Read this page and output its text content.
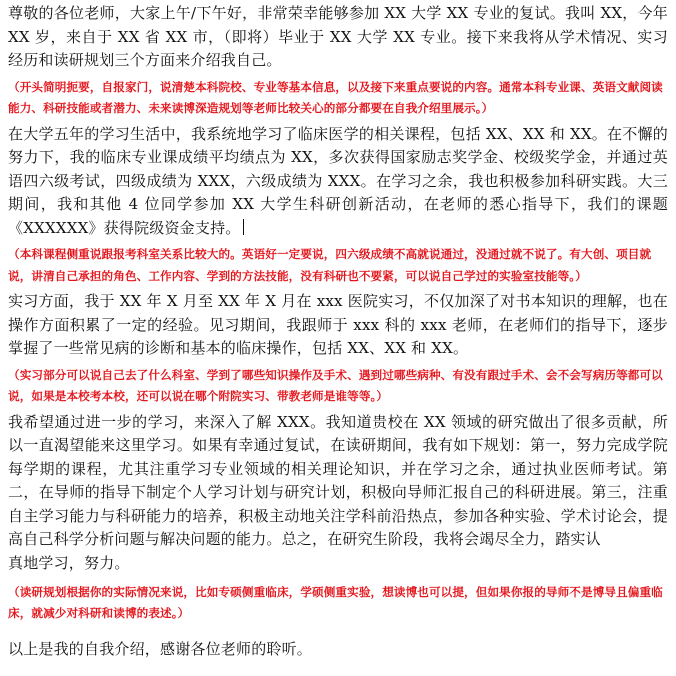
尊敬的各位老师，大家上午/下午好，非常荣幸能够参加 XX 大学 XX 专业的复试。我叫 XX，今年 XX 岁，来自于 XX 省 XX 市，（即将）毕业于 XX 大学 XX 专业。接下来我将从学术情况、实习经历和读研规划三个方面来介绍我自己。

（开头简明扼要，自报家门，说清楚本科院校、专业等基本信息，以及接下来重点要说的内容。通常本科专业课、英语文献阅读能力、科研技能或者潜力、未来读博深造规划等老师比较关心的部分都要在自我介绍里展示。）

在大学五年的学习生活中，我系统地学习了临床医学的相关课程，包括 XX、XX 和 XX。在不懈的努力下，我的临床专业课成绩平均绩点为 XX，多次获得国家励志奖学金、校级奖学金，并通过英语四六级考试，四级成绩为 XXX，六级成绩为 XXX。在学习之余，我也积极参加科研实践。大三期间，我和其他 4 位同学参加 XX 大学生科研创新活动，在老师的悉心指导下，我们的课题《XXXXXX》获得院级资金支持。

（本科课程侧重说跟报考科室关系比较大的。英语好一定要说，四六级成绩不高就说通过，没通过就不说了。有大创、项目就说，讲清自己承担的角色、工作内容、学到的方法技能，没有科研也不要紧，可以说自己学过的实验室技能等。）

实习方面，我于 XX 年 X 月至 XX 年 X 月在 xxx 医院实习，不仅加深了对书本知识的理解，也在操作方面积累了一定的经验。见习期间，我跟师于 xxx 科的 xxx 老师，在老师们的指导下，逐步掌握了一些常见病的诊断和基本的临床操作，包括 XX、XX 和 XX。

（实习部分可以说自己去了什么科室、学到了哪些知识操作及手术、遇到过哪些病种、有没有跟过手术、会不会写病历等都可以说，如果是本校考本校，还可以说在哪个附院实习、带教老师是谁等等。）

我希望通过进一步的学习，来深入了解 XXX。我知道贵校在 XX 领域的研究做出了很多贡献，所以一直渴望能来这里学习。如果有幸通过复试，在读研期间，我有如下规划：第一，努力完成学院每学期的课程，尤其注重学习专业领域的相关理论知识，并在学习之余，通过执业医师考试。第二，在导师的指导下制定个人学习计划与研究计划，积极向导师汇报自己的科研进展。第三，注重自主学习能力与科研能力的培养，积极主动地关注学科前沿热点，参加各种实验、学术讨论会，提高自己科学分析问题与解决问题的能力。总之，在研究生阶段，我将会竭尽全力，踏实认

真地学习，努力。
（读研规划根据你的实际情况来说，比如专硕侧重临床，学硕侧重实验，想读博也可以提，但如果你报的导师不是博导且偏重临床，就减少对科研和读博的表述。）

以上是我的自我介绍，感谢各位老师的聆听。
